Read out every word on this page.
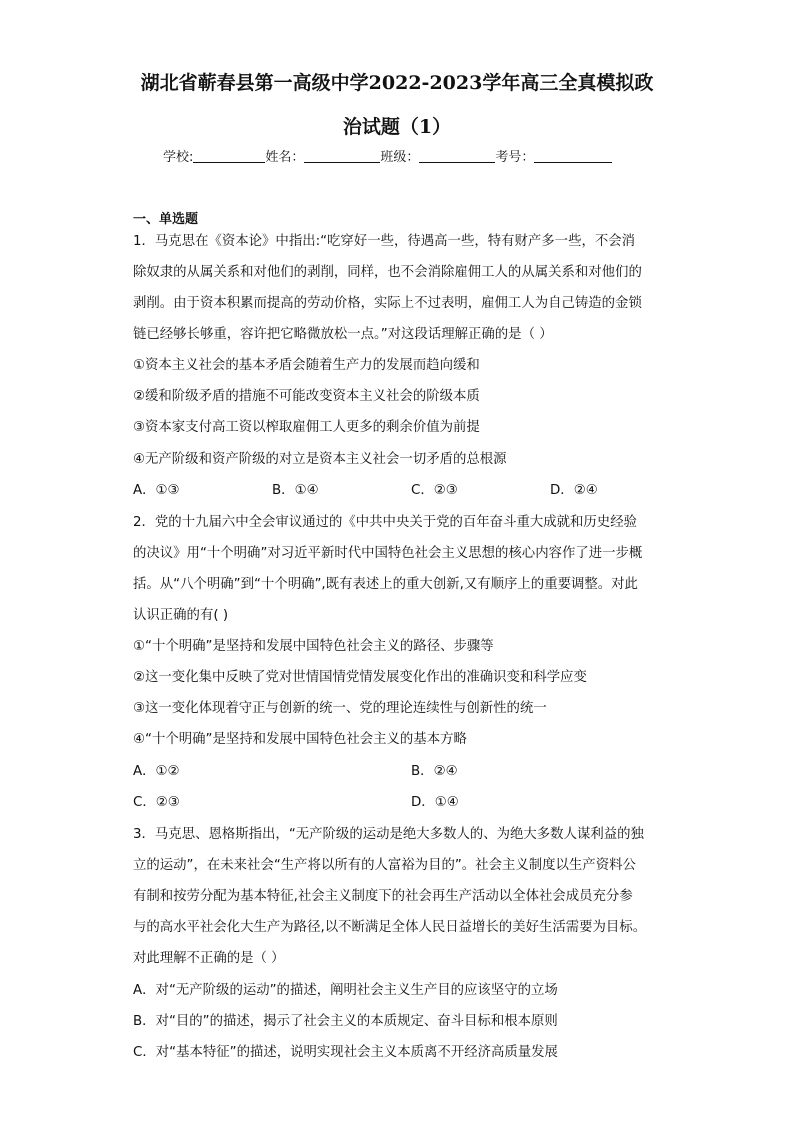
湖北省蕲春县第一高级中学2022-2023学年高三全真模拟政
治试题（1）
学校:	姓名：	班级：	考号：
一、单选题
1．马克思在《资本论》中指出:“吃穿好一些，待遇高一些，特有财产多一些，不会消
除奴隶的从属关系和对他们的剥削，同样，也不会消除雇佣工人的从属关系和对他们的
剥削。由于资本积累而提高的劳动价格，实际上不过表明，雇佣工人为自己铸造的金锁
链已经够长够重，容许把它略微放松一点。”对这段话理解正确的是（ ）
①资本主义社会的基本矛盾会随着生产力的发展而趋向缓和
②缓和阶级矛盾的措施不可能改变资本主义社会的阶级本质
③资本家支付高工资以榨取雇佣工人更多的剩余价值为前提
④无产阶级和资产阶级的对立是资本主义社会一切矛盾的总根源
A．①③	B．①④	C．②③	D．②④
2．党的十九届六中全会审议通过的《中共中央关于党的百年奋斗重大成就和历史经验
的决议》用“十个明确”对习近平新时代中国特色社会主义思想的核心内容作了进一步概
括。从“八个明确”到“十个明确”,既有表述上的重大创新,又有顺序上的重要调整。对此
认识正确的有( )
①“十个明确”是坚持和发展中国特色社会主义的路径、步骤等
②这一变化集中反映了党对世情国情党情发展变化作出的准确识变和科学应变
③这一变化体现着守正与创新的统一、党的理论连续性与创新性的统一
④“十个明确”是坚持和发展中国特色社会主义的基本方略
A．①②	B．②④
C．②③	D．①④
3．马克思、恩格斯指出，“无产阶级的运动是绝大多数人的、为绝大多数人谋利益的独
立的运动”，在未来社会“生产将以所有的人富裕为目的”。社会主义制度以生产资料公
有制和按劳分配为基本特征,社会主义制度下的社会再生产活动以全体社会成员充分参
与的高水平社会化大生产为路径,以不断满足全体人民日益增长的美好生活需要为目标。
对此理解不正确的是（ ）
A．对“无产阶级的运动”的描述，阐明社会主义生产目的应该坚守的立场
B．对“目的”的描述，揭示了社会主义的本质规定、奋斗目标和根本原则
C．对“基本特征”的描述，说明实现社会主义本质离不开经济高质量发展
